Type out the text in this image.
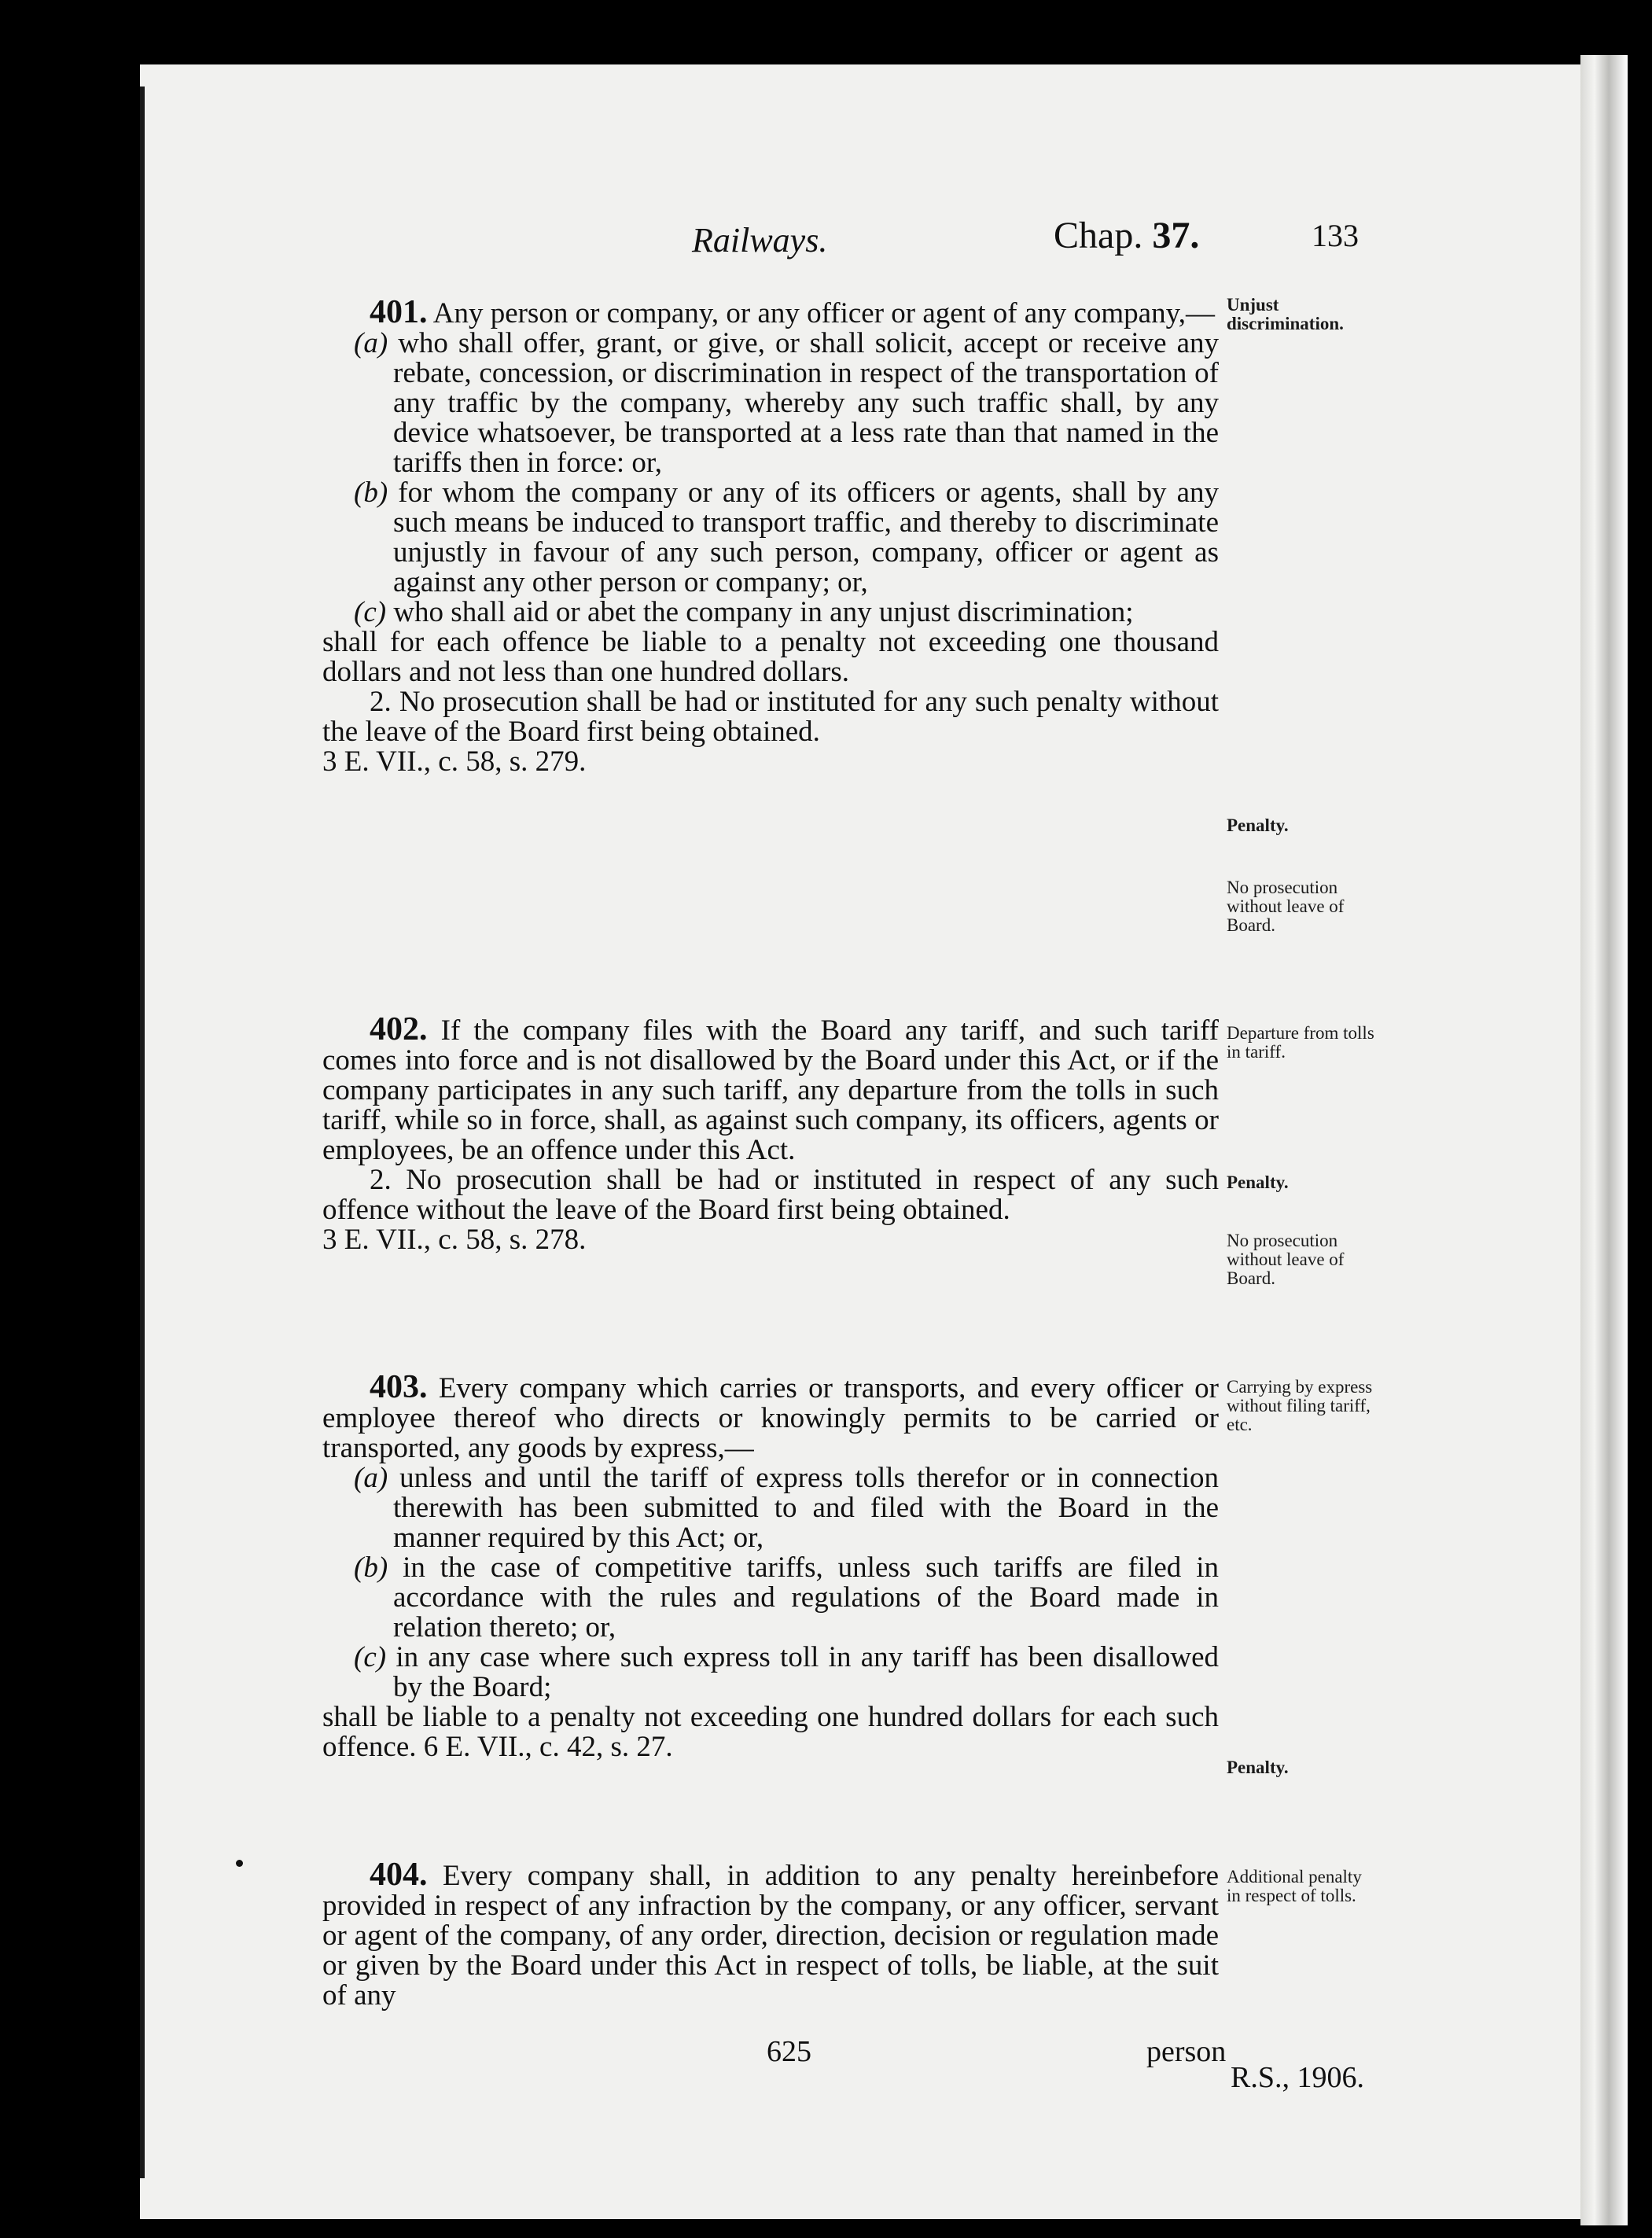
Railways.	Chap. 37.	133

401. Any person or company, or any officer or agent of any company,—

(a) who shall offer, grant, or give, or shall solicit, accept or receive any rebate, concession, or discrimination in respect of the transportation of any traffic by the company, whereby any such traffic shall, by any device whatsoever, be transported at a less rate than that named in the tariffs then in force: or,

(b) for whom the company or any of its officers or agents, shall by any such means be induced to transport traffic, and thereby to discriminate unjustly in favour of any such person, company, officer or agent as against any other person or company; or,

(c) who shall aid or abet the company in any unjust discrimination;

shall for each offence be liable to a penalty not exceeding one thousand dollars and not less than one hundred dollars.

2. No prosecution shall be had or instituted for any such penalty without the leave of the Board first being obtained.

3 E. VII., c. 58, s. 279.

402. If the company files with the Board any tariff, and such tariff comes into force and is not disallowed by the Board under this Act, or if the company participates in any such tariff, any departure from the tolls in such tariff, while so in force, shall, as against such company, its officers, agents or employees, be an offence under this Act.

2. No prosecution shall be had or instituted in respect of any such offence without the leave of the Board first being obtained.

3 E. VII., c. 58, s. 278.

403. Every company which carries or transports, and every officer or employee thereof who directs or knowingly permits to be carried or transported, any goods by express,—

(a) unless and until the tariff of express tolls therefor or in connection therewith has been submitted to and filed with the Board in the manner required by this Act; or,

(b) in the case of competitive tariffs, unless such tariffs are filed in accordance with the rules and regulations of the Board made in relation thereto; or,

(c) in any case where such express toll in any tariff has been disallowed by the Board;

shall be liable to a penalty not exceeding one hundred dollars for each such offence. 6 E. VII., c. 42, s. 27.

404. Every company shall, in addition to any penalty hereinbefore provided in respect of any infraction by the company, or any officer, servant or agent of the company, of any order, direction, decision or regulation made or given by the Board under this Act in respect of tolls, be liable, at the suit of any

Unjust discrimination.
Penalty.
No prosecution without leave of Board.
Departure from tolls in tariff.
Penalty.
No prosecution without leave of Board.
Carrying by express without filing tariff, etc.
Penalty.
Additional penalty in respect of tolls.
625	person
R.S., 1906.
